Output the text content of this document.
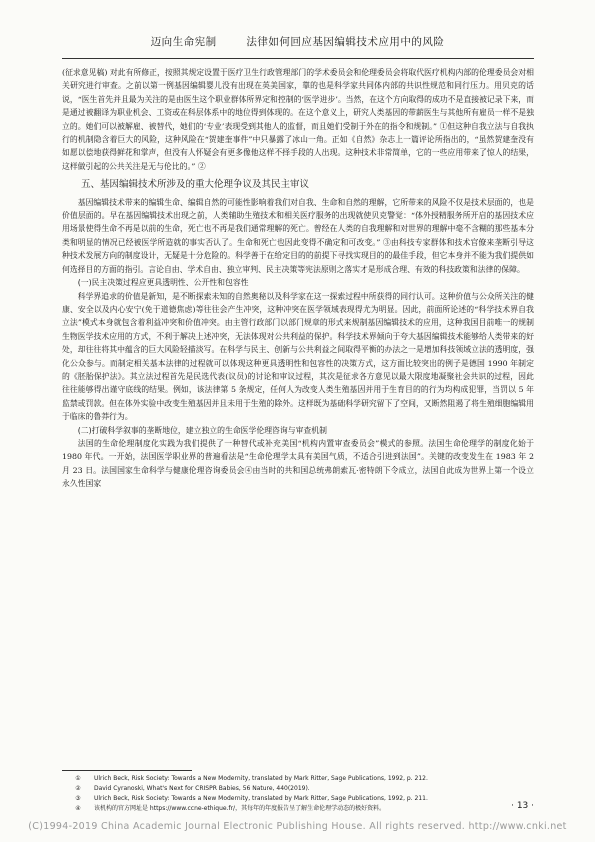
迈向生命宪制	法律如何回应基因编辑技术应用中的风险

(征求意见稿) 对此有所修正，按照其规定设置于医疗卫生行政管理部门的学术委员会和伦理委员会将取代医疗机构内部的伦理委员会对相关研究进行审查。之前以第一例基因编辑婴儿没有出现在英美国家，靠的也是科学家共同体内部的共识性规范和同行压力。用贝克的话说，“医生首先并且最为关注的是由医生这个职业群体所界定和控制的‘医学进步’。当然，在这个方向取得的成功不是直接被记录下来，而是通过被翻译为职业机会、工资或在科层体系中的地位得到体现的。在这个意义上，研究人类基因的带薪医生与其他所有雇员一样不是独立的。她们可以被解雇、被替代，她们的‘专业’表现受到其他人的监督，而且她们受制于外在的指令和规制。” ①但这种自我立法与自我执行的机制隐含着巨大的风险，这种风险在“贺建奎事件”中只暴露了冰山一角。正如《自然》杂志上一篇评论所指出的，“虽然贺建奎没有如愿以偿地获得鲜花和掌声，但没有人怀疑会有更多像他这样不择手段的人出现。这种技术非常简单，它的一些应用带来了惊人的结果，这样做引起的公共关注是无与伦比的。” ②

五、基因编辑技术所涉及的重大伦理争议及其民主审议

基因编辑技术带来的编辑生命、编辑自然的可能性影响着我们对自我、生命和自然的理解，它所带来的风险不仅是技术层面的，也是价值层面的。早在基因编辑技术出现之前，人类辅助生殖技术和相关医疗服务的出现就使贝克警觉：“体外授精服务所开启的基因技术应用场景使得生命不再是以前的生命，死亡也不再是我们通常理解的死亡。曾经在人类的自我理解和对世界的理解中毫不含糊的那些基本分类和明显的情况已经被医学所造就的事实否认了。生命和死亡也因此变得不确定和可改变。” ③由科技专家群体和技术官僚来垄断引导这种技术发展方向的制度设计，无疑是十分危险的。科学善于在给定目的的前提下寻找实现目的的最佳手段，但它本身并不能为我们提供如何选择目的方面的指引。言论自由、学术自由、独立审判、民主决策等宪法原则之落实才是形成合理、有效的科技政策和法律的保障。

(一)民主决策过程应更具透明性、公开性和包容性

科学界追求的价值是新知，是不断探索未知的自然奥秘以及科学家在这一探索过程中所获得的同行认可。这种价值与公众所关注的健康、安全以及内心安宁(免于道德焦虑)等往往会产生冲突，这种冲突在医学领域表现得尤为明显。因此，前面所论述的“科学技术界自我立法”模式本身就包含着利益冲突和价值冲突。由主管行政部门以部门规章的形式来规制基因编辑技术的应用，这种我国目前唯一的规制生物医学技术应用的方式，不利于解决上述冲突，无法体现对公共利益的保护。科学技术界倾向于夸大基因编辑技术能够给人类带来的好处，却往往将其中蕴含的巨大风险轻描淡写。在科学与民主、创新与公共利益之间取得平衡的办法之一是增加科技领域立法的透明度，强化公众参与。而制定相关基本法律的过程就可以体现这种更具透明性和包容性的决策方式，这方面比较突出的例子是德国 1990 年制定的《胚胎保护法》。其立法过程首先是民选代表(议员)的讨论和审议过程，其次是征求各方意见以最大限度地凝聚社会共识的过程，因此往往能够得出谨守底线的结果。例如，该法律第 5 条规定，任何人为改变人类生殖基因并用于生育目的的行为均构成犯罪，当罚以 5 年监禁或罚款。但在体外实验中改变生殖基因并且未用于生殖的除外。这样既为基础科学研究留下了空间，又断然阻遏了将生殖细胞编辑用于临床的鲁莽行为。

(二)打破科学叙事的垄断地位，建立独立的生命医学伦理咨询与审查机制

法国的生命伦理制度化实践为我们提供了一种替代或补充美国“机构内置审查委员会”模式的参照。法国生命伦理学的制度化始于 1980 年代。一开始，法国医学职业界的普遍看法是“生命伦理学太具有美国气质，不适合引进到法国”。关键的改变发生在 1983 年 2 月 23 日。法国国家生命科学与健康伦理咨询委员会④由当时的共和国总统弗朗索瓦·密特朗下令成立，法国自此成为世界上第一个设立永久性国家

①	Ulrich Beck, Risk Society: Towards a New Modernity, translated by Mark Ritter, Sage Publications, 1992, p. 212.
②	David Cyranoski, What's Next for CRISPR Babies, 56 Nature, 440(2019).
③	Ulrich Beck, Risk Society: Towards a New Modernity, translated by Mark Ritter, Sage Publications, 1992, p. 211.
④	该机构的官方网址是 https://www.ccne-ethique.fr/，其每年的年度报告呈了解生命伦理学动态的极好资料。	· 13 ·
(C)1994-2019 China Academic Journal Electronic Publishing House. All rights reserved. http://www.cnki.net
